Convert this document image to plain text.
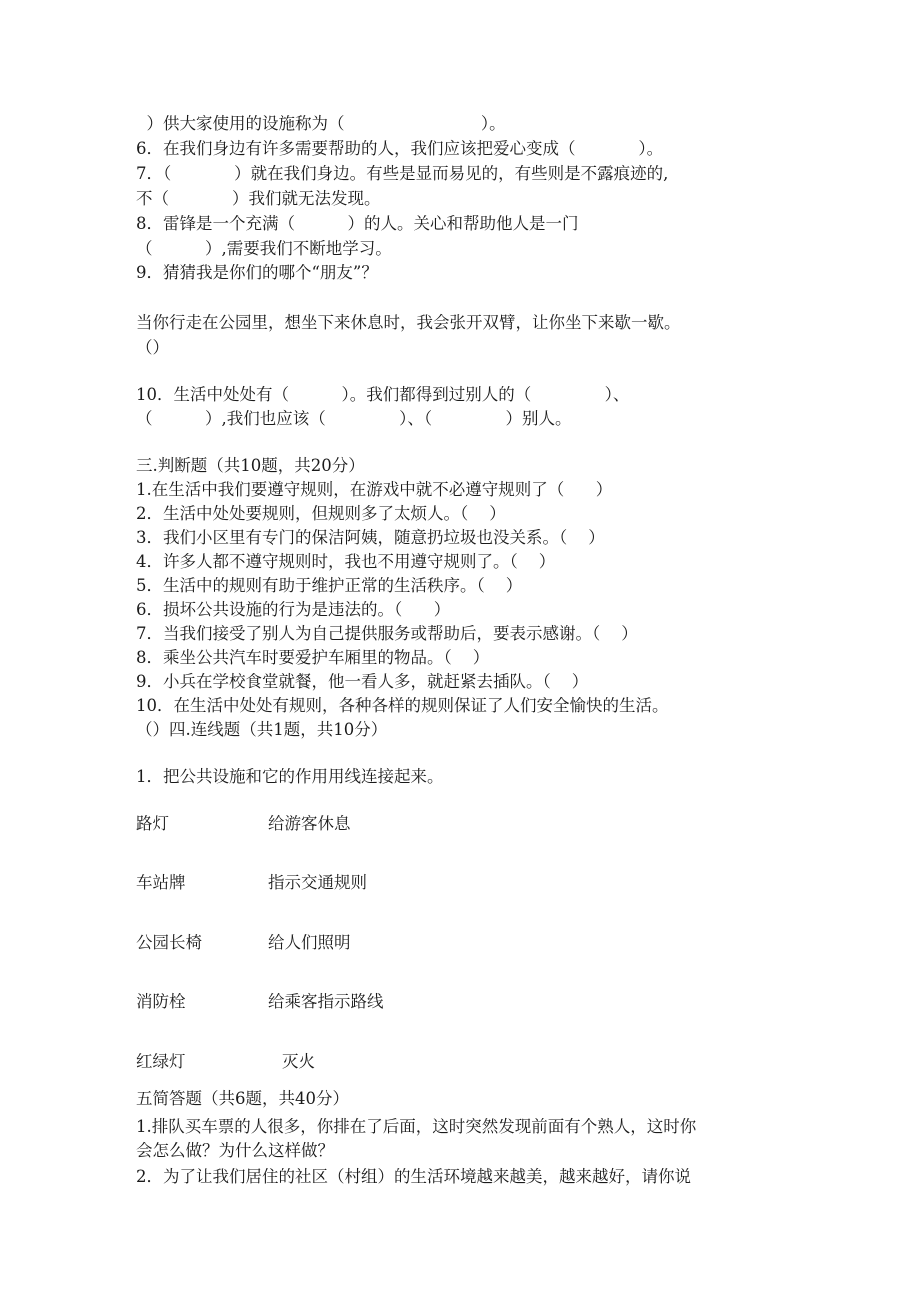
）供大家使用的设施称为（                          ）。
6．在我们身边有许多需要帮助的人，我们应该把爱心变成（            ）。
7．（            ）就在我们身边。有些是显而易见的，有些则是不露痕迹的,
不（            ）我们就无法发现。
8．雷锋是一个充满（          ）的人。关心和帮助他人是一门
（          ）,需要我们不断地学习。
9．猜猜我是你们的哪个“朋友”？
当你行走在公园里，想坐下来休息时，我会张开双臂，让你坐下来歇一歇。
（）
10．生活中处处有（          ）。我们都得到过别人的（              ）、
（          ）,我们也应该（              ）、（              ）别人。
三.判断题（共10题，共20分）
1.在生活中我们要遵守规则，在游戏中就不必遵守规则了（      ）
2．生活中处处要规则，但规则多了太烦人。（    ）
3．我们小区里有专门的保洁阿姨，随意扔垃圾也没关系。（    ）
4．许多人都不遵守规则时，我也不用遵守规则了。（    ）
5．生活中的规则有助于维护正常的生活秩序。（    ）
6．损坏公共设施的行为是违法的。（      ）
7．当我们接受了别人为自己提供服务或帮助后，要表示感谢。（    ）
8．乘坐公共汽车时要爱护车厢里的物品。（    ）
9．小兵在学校食堂就餐，他一看人多，就赶紧去插队。（    ）
10．在生活中处处有规则，各种各样的规则保证了人们安全愉快的生活。
（）四.连线题（共1题，共10分）
1．把公共设施和它的作用用线连接起来。
路灯	给游客休息
车站牌	指示交通规则
公园长椅	给人们照明
消防栓	给乘客指示路线
红绿灯	灭火
五简答题（共6题，共40分）
1.排队买车票的人很多，你排在了后面，这时突然发现前面有个熟人，这时你
会怎么做？为什么这样做？
2．为了让我们居住的社区（村组）的生活环境越来越美，越来越好，请你说
